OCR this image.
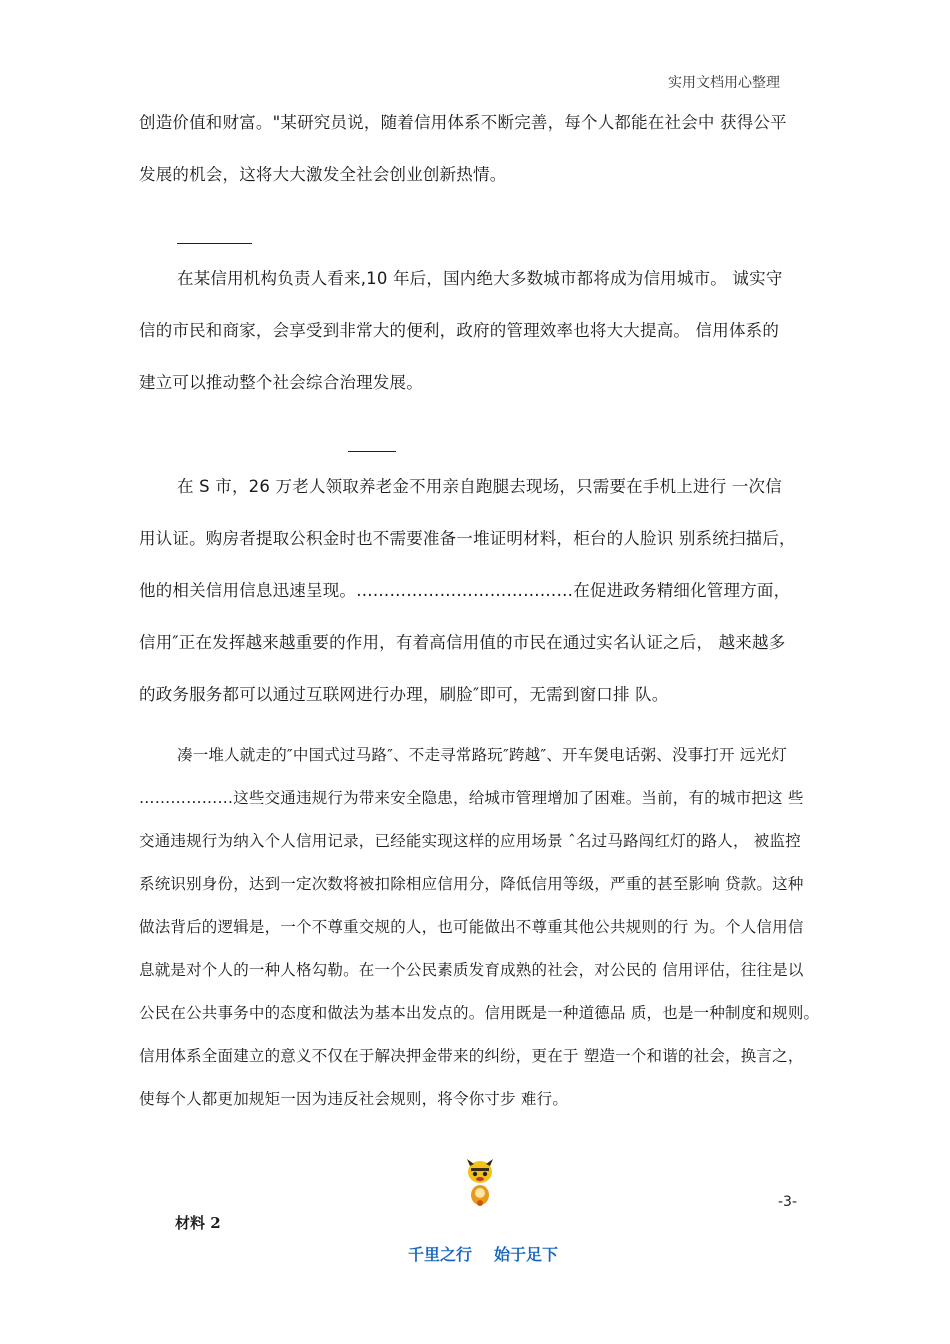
实用文档用心整理

创造价值和财富。"某研究员说，随着信用体系不断完善，每个人都能在社会中 获得公平

发展的机会，这将大大激发全社会创业创新热情。

在某信用机构负责人看来,10 年后，国内绝大多数城市都将成为信用城市。 诚实守

信的市民和商家，会享受到非常大的便利，政府的管理效率也将大大提高。 信用体系的

建立可以推动整个社会综合治理发展。

在 S 市，26 万老人领取养老金不用亲自跑腿去现场，只需要在手机上进行 一次信

用认证。购房者提取公积金时也不需要准备一堆证明材料，柜台的人脸识 别系统扫描后，

他的相关信用信息迅速呈现。…………………………………在促进政务精细化管理方面，

信用″正在发挥越来越重要的作用，有着高信用值的市民在通过实名认证之后， 越来越多

的政务服务都可以通过互联网进行办理，刷脸″即可，无需到窗口排 队。

凑一堆人就走的″中国式过马路″、不走寻常路玩″跨越″、开车煲电话粥、没事打开 远光灯

………………这些交通违规行为带来安全隐患，给城市管理增加了困难。当前，有的城市把这 些

交通违规行为纳入个人信用记录，已经能实现这样的应用场景 ˆ名过马路闯红灯的路人， 被监控

系统识别身份，达到一定次数将被扣除相应信用分，降低信用等级，严重的甚至影响 贷款。这种

做法背后的逻辑是，一个不尊重交规的人，也可能做出不尊重其他公共规则的行 为。个人信用信

息就是对个人的一种人格勾勒。在一个公民素质发育成熟的社会，对公民的 信用评估，往往是以

公民在公共事务中的态度和做法为基本出发点的。信用既是一种道德品 质，也是一种制度和规则。

信用体系全面建立的意义不仅在于解决押金带来的纠纷，更在于 塑造一个和谐的社会，换言之，

使每个人都更加规矩一因为违反社会规则，将令你寸步 难行。

-3-
材料 2
千里之行 始于足下
